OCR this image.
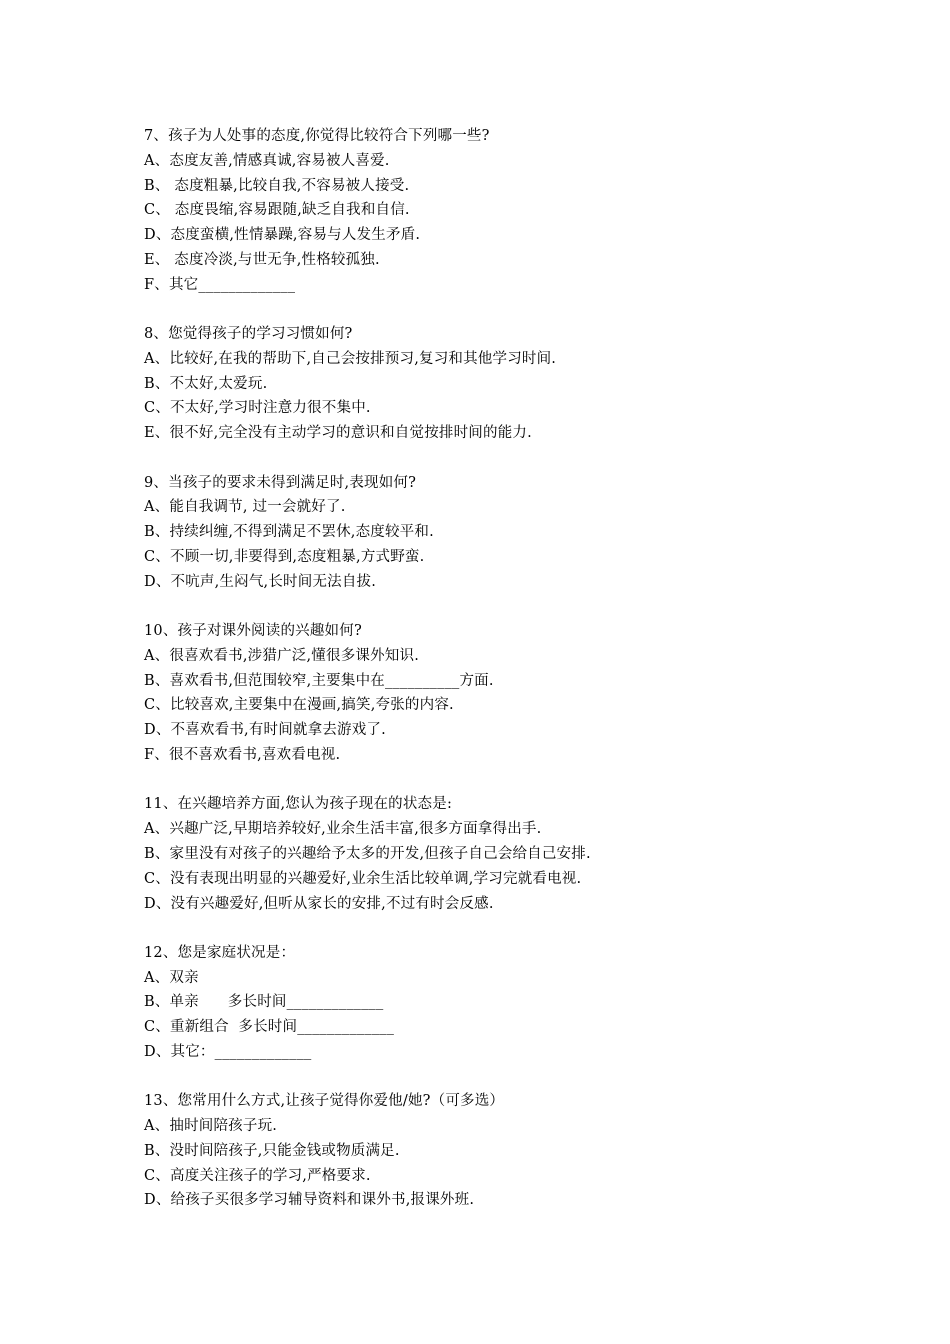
7、孩子为人处事的态度,你觉得比较符合下列哪一些?
A、态度友善,情感真诚,容易被人喜爱.
B、 态度粗暴,比较自我,不容易被人接受.
C、 态度畏缩,容易跟随,缺乏自我和自信.
D、态度蛮横,性情暴躁,容易与人发生矛盾.
E、 态度冷淡,与世无争,性格较孤独.
F、其它_____________
8、您觉得孩子的学习习惯如何?
A、比较好,在我的帮助下,自己会按排预习,复习和其他学习时间.
B、不太好,太爱玩.
C、不太好,学习时注意力很不集中.
E、很不好,完全没有主动学习的意识和自觉按排时间的能力.
9、当孩子的要求未得到满足时,表现如何?
A、能自我调节, 过一会就好了.
B、持续纠缠,不得到满足不罢休,态度较平和.
C、不顾一切,非要得到,态度粗暴,方式野蛮.
D、不吭声,生闷气,长时间无法自拔.
10、孩子对课外阅读的兴趣如何?
A、很喜欢看书,涉猎广泛,懂很多课外知识.
B、喜欢看书,但范围较窄,主要集中在__________方面.
C、比较喜欢,主要集中在漫画,搞笑,夸张的内容.
D、不喜欢看书,有时间就拿去游戏了.
F、很不喜欢看书,喜欢看电视.
11、在兴趣培养方面,您认为孩子现在的状态是:
A、兴趣广泛,早期培养较好,业余生活丰富,很多方面拿得出手.
B、家里没有对孩子的兴趣给予太多的开发,但孩子自己会给自己安排.
C、没有表现出明显的兴趣爱好,业余生活比较单调,学习完就看电视.
D、没有兴趣爱好,但听从家长的安排,不过有时会反感.
12、您是家庭状况是：
A、双亲
B、单亲      多长时间_____________
C、重新组合  多长时间_____________
D、其它：_____________
13、您常用什么方式,让孩子觉得你爱他/她?（可多选）
A、抽时间陪孩子玩.
B、没时间陪孩子,只能金钱或物质满足.
C、高度关注孩子的学习,严格要求.
D、给孩子买很多学习辅导资料和课外书,报课外班.
